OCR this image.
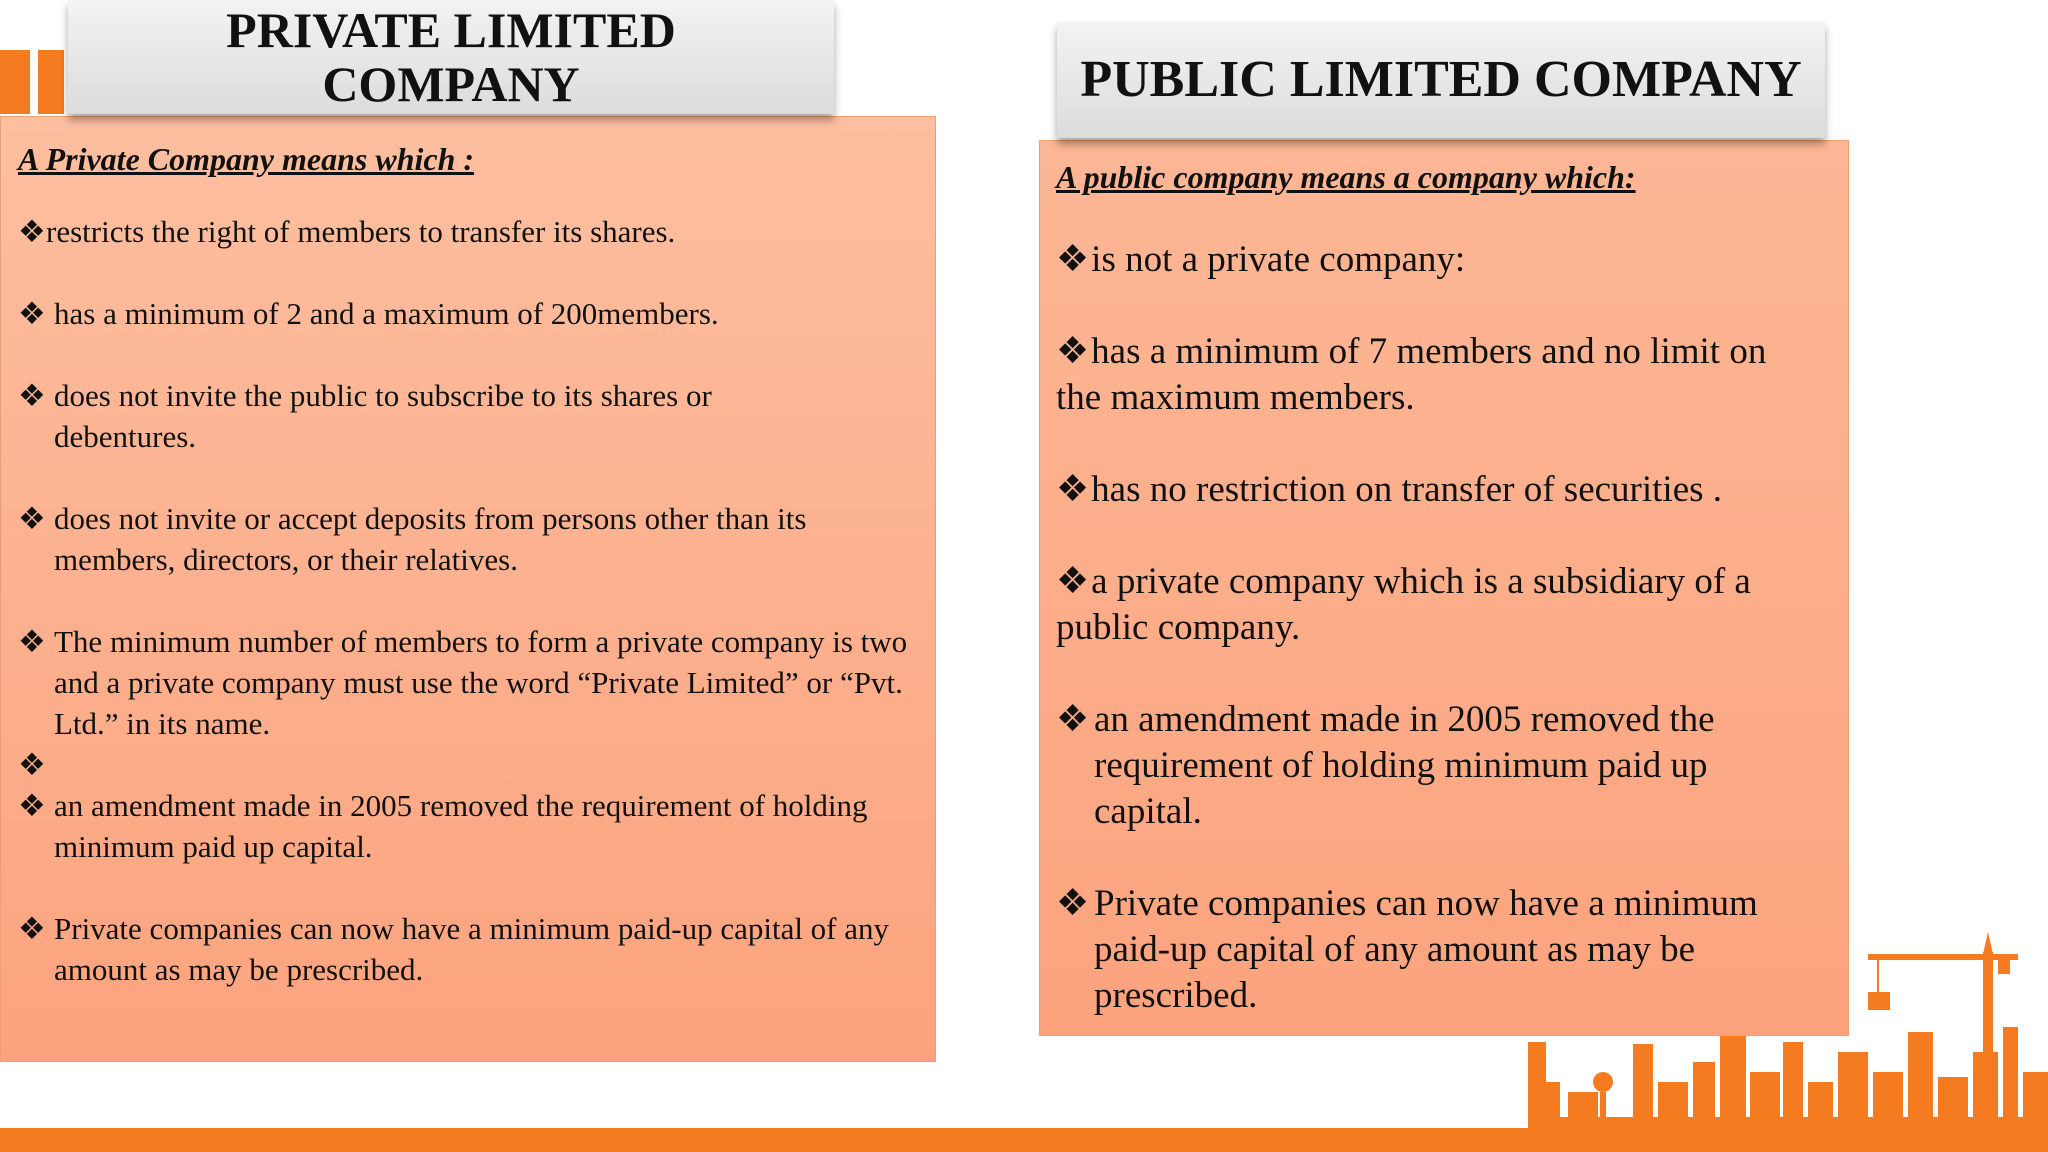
PRIVATE LIMITED
COMPANY
A Private Company means which :
❖ restricts the right of members to transfer its shares.
❖ has a minimum of 2 and a maximum of 200members.
❖ does not invite the public to subscribe to its shares or debentures.
❖ does not invite or accept deposits from persons other than its members, directors, or their relatives.
❖ The minimum number of members to form a private company is two and a private company must use the word “Private Limited” or “Pvt. Ltd.” in its name.
❖
❖ an amendment made in 2005 removed the requirement of holding minimum paid up capital.
❖ Private companies can now have a minimum paid-up capital of any amount as may be prescribed.
PUBLIC LIMITED COMPANY
A public company means a company which:
❖is not a private company:
❖has a minimum of 7 members and no limit on the maximum members.
❖has no restriction on transfer of securities .
❖a private company which is a subsidiary of a public company.
❖ an amendment made in 2005 removed the requirement of holding minimum paid up capital.
❖ Private companies can now have a minimum paid-up capital of any amount as may be prescribed.
